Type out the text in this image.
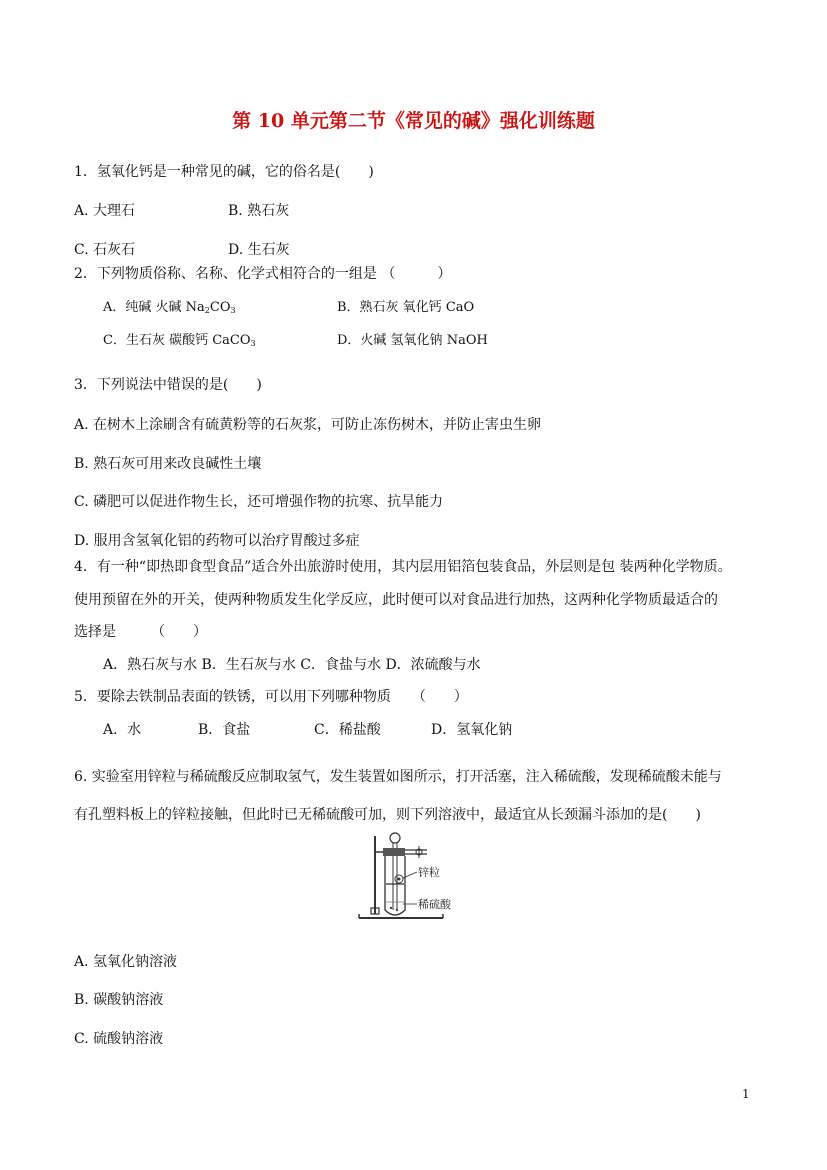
第 10 单元第二节《常见的碱》强化训练题
1．氢氧化钙是一种常见的碱，它的俗名是(　　)
A. 大理石	B. 熟石灰
C. 石灰石	D. 生石灰
2．下列物质俗称、名称、化学式相符合的一组是 （　　　）
A．纯碱 火碱 $Na_2CO_3$	B．熟石灰 氧化钙 CaO
C．生石灰 碳酸钙 CaCO$_3$	D．火碱 氢氧化钠 NaOH
3．下列说法中错误的是(　　)
A. 在树木上涂刷含有硫黄粉等的石灰浆，可防止冻伤树木，并防止害虫生卵
B. 熟石灰可用来改良碱性土壤
C. 磷肥可以促进作物生长，还可增强作物的抗寒、抗旱能力
D. 服用含氢氧化铝的药物可以治疗胃酸过多症
4．有一种“即热即食型食品”适合外出旅游时使用，其内层用铝箔包装食品，外层则是包 装两种化学物质。
使用预留在外的开关，使两种物质发生化学反应，此时便可以对食品进行加热，这两种化学物质最适合的
选择是　　　（　　）
A．熟石灰与水 B．生石灰与水 C．食盐与水 D．浓硫酸与水
5．要除去铁制品表面的铁锈，可以用下列哪种物质　　（　　）
A．水	B．食盐	C．稀盐酸	D．氢氧化钠
6. 实验室用锌粒与稀硫酸反应制取氢气，发生装置如图所示，打开活塞，注入稀硫酸，发现稀硫酸未能与
有孔塑料板上的锌粒接触，但此时已无稀硫酸可加，则下列溶液中，最适宜从长颈漏斗添加的是(　　)
锌粒
稀硫酸
A. 氢氧化钠溶液
B. 碳酸钠溶液
C. 硫酸钠溶液
1
